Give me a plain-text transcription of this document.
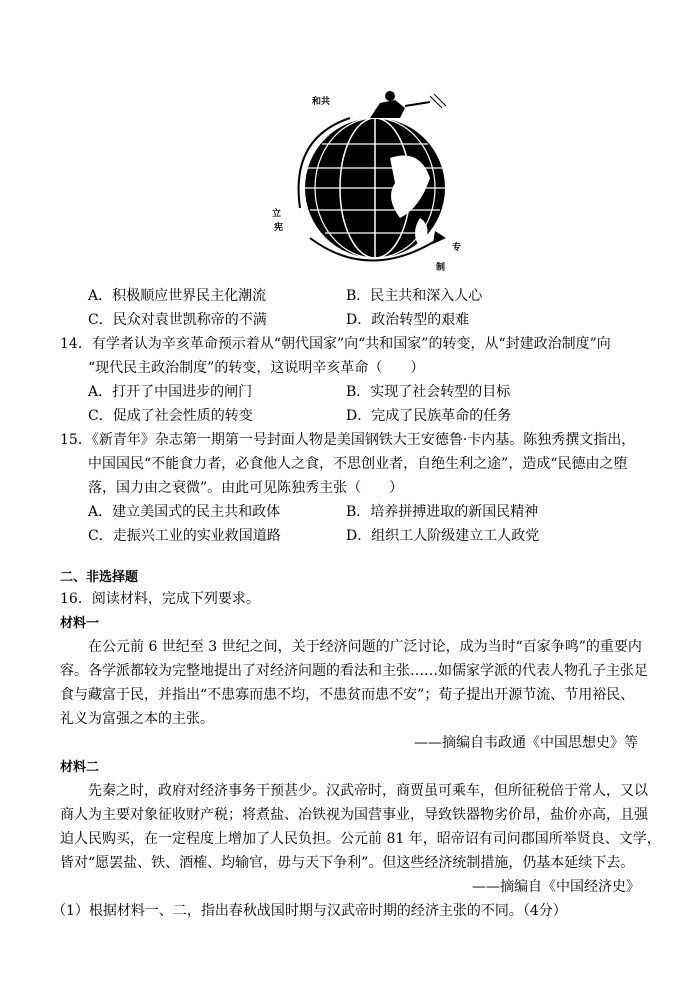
和共
立
宪
专
制
A．积极顺应世界民主化潮流	B．民主共和深入人心
C．民众对袁世凯称帝的不满	D．政治转型的艰难
14．有学者认为辛亥革命预示着从“朝代国家”向“共和国家”的转变，从“封建政治制度”向
“现代民主政治制度”的转变，这说明辛亥革命（　　）
A．打开了中国进步的闸门	B．实现了社会转型的目标
C．促成了社会性质的转变	D．完成了民族革命的任务
15．《新青年》杂志第一期第一号封面人物是美国钢铁大王安德鲁·卡内基。陈独秀撰文指出，
中国国民“不能食力者，必食他人之食，不思创业者，自绝生利之途”，造成“民德由之堕
落，国力由之衰微”。由此可见陈独秀主张（　　）
A．建立美国式的民主共和政体	B．培养拼搏进取的新国民精神
C．走振兴工业的实业救国道路	D．组织工人阶级建立工人政党
二、非选择题
16．阅读材料，完成下列要求。
材料一
在公元前 6 世纪至 3 世纪之间，关于经济问题的广泛讨论，成为当时“百家争鸣”的重要内
容。各学派都较为完整地提出了对经济问题的看法和主张……如儒家学派的代表人物孔子主张足
食与藏富于民，并指出“不患寡而患不均，不患贫而患不安”；荀子提出开源节流、节用裕民、
礼义为富强之本的主张。
——摘编自韦政通《中国思想史》等
材料二
先秦之时，政府对经济事务干预甚少。汉武帝时，商贾虽可乘车，但所征税倍于常人，又以
商人为主要对象征收财产税；将煮盐、冶铁视为国营事业，导致铁器物劣价昂，盐价亦高，且强
迫人民购买，在一定程度上增加了人民负担。公元前 81 年，昭帝诏有司问郡国所举贤良、文学，
皆对“愿罢盐、铁、酒榷、均输官，毋与天下争利”。但这些经济统制措施，仍基本延续下去。
——摘编自《中国经济史》
（1）根据材料一、二，指出春秋战国时期与汉武帝时期的经济主张的不同。（4分）
